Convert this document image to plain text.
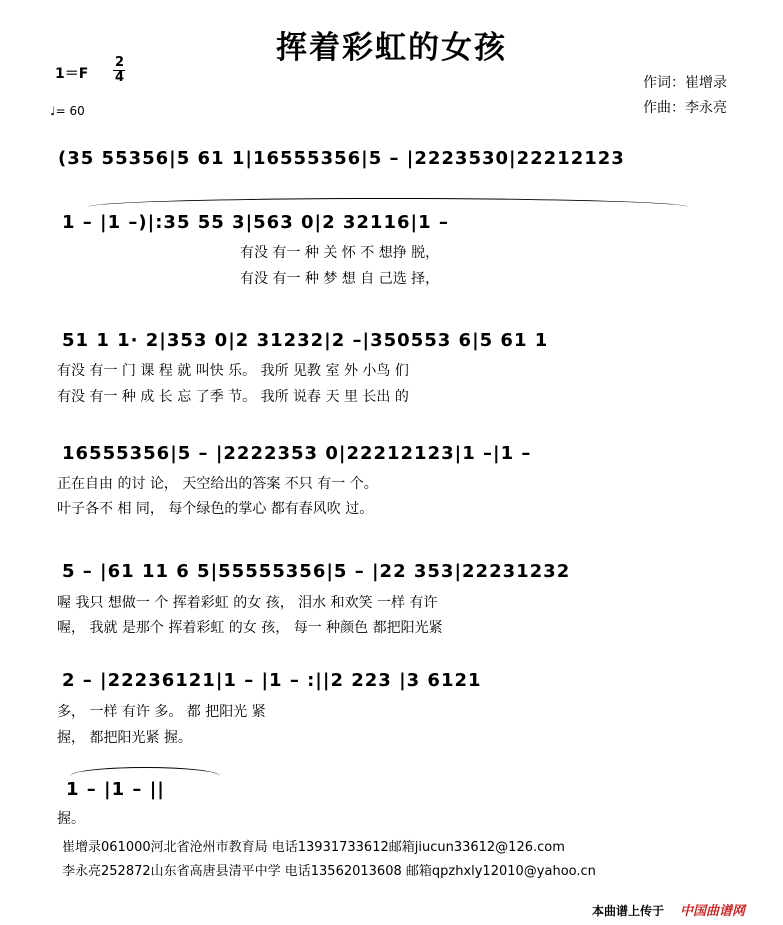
挥着彩虹的女孩
1＝F
2
4
♩= 60
作词：崔增录
作曲：李永亮
(35 55356|5 61 1|16555356|5 – |2223530|22212123
1 – |1 –)|:35 55 3|563 0|2 32116|1 –
有没 有一 种 关 怀 不 想挣 脱，
有没 有一 种 梦 想 自 己选 择，
51 1 1· 2|353 0|2 31232|2 –|350553 6|5 61 1
有没 有一 门 课 程 就 叫快 乐。 我所 见教 室 外 小鸟 们
有没 有一 种 成 长 忘 了季 节。 我所 说春 天 里 长出 的
16555356|5 – |2222353 0|22212123|1 –|1 –
正在自由 的讨 论， 天空给出的答案 不只 有一 个。
叶子各不 相 同， 每个绿色的掌心 都有春风吹 过。
5 – |61 11 6 5|55555356|5 – |22 353|22231232
喔 我只 想做一 个 挥着彩虹 的女 孩， 泪水 和欢笑 一样 有许
喔， 我就 是那个 挥着彩虹 的女 孩， 每一 种颜色 都把阳光紧
2 – |22236121|1 – |1 – :||2 223 |3 6121
多， 一样 有许 多。 都 把阳光 紧
握， 都把阳光紧 握。
1 – |1 – ||
握。
崔增录061000河北省沧州市教育局 电话13931733612邮箱jiucun33612@126.com
李永亮252872山东省高唐县清平中学 电话13562013608 邮箱qpzhxly12010@yahoo.cn
本曲谱上传于 中国曲谱网
